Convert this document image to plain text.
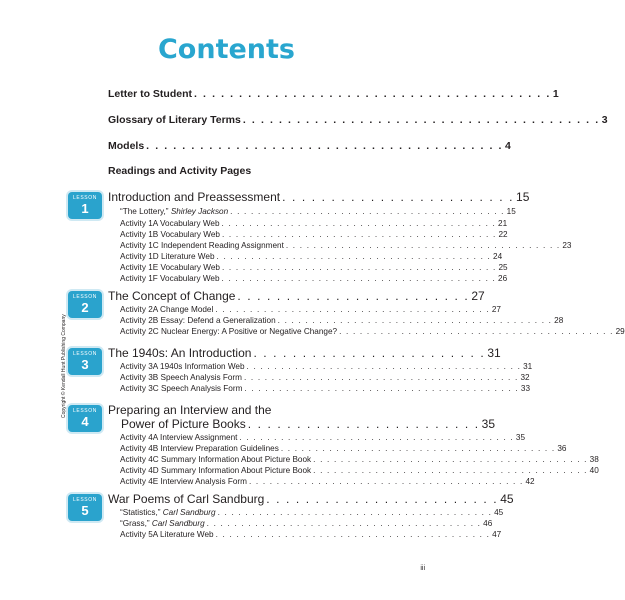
Contents
Letter to Student . . . . . . . . . . . . . . . . . . . . . . . . . . . . . . . . . . . . . . . . 1
Glossary of Literary Terms . . . . . . . . . . . . . . . . . . . . . . . . . . . . . . . . . . . . . . . . 3
Models . . . . . . . . . . . . . . . . . . . . . . . . . . . . . . . . . . . . . . . . 4
Readings and Activity Pages
LESSON
1
Introduction and Preassessment . . . . . . . . . . . . . . . . . . . . . . . . 15
“The Lottery,” Shirley Jackson . . . . . . . . . . . . . . . . . . . . . . . . . . . . . . . . . . . . . . . . 15
Activity 1A Vocabulary Web . . . . . . . . . . . . . . . . . . . . . . . . . . . . . . . . . . . . . . . . 21
Activity 1B Vocabulary Web . . . . . . . . . . . . . . . . . . . . . . . . . . . . . . . . . . . . . . . . 22
Activity 1C Independent Reading Assignment . . . . . . . . . . . . . . . . . . . . . . . . . . . . . . . . . . . . . . . . 23
Activity 1D Literature Web . . . . . . . . . . . . . . . . . . . . . . . . . . . . . . . . . . . . . . . . 24
Activity 1E Vocabulary Web . . . . . . . . . . . . . . . . . . . . . . . . . . . . . . . . . . . . . . . . 25
Activity 1F Vocabulary Web . . . . . . . . . . . . . . . . . . . . . . . . . . . . . . . . . . . . . . . . 26
LESSON
2
The Concept of Change . . . . . . . . . . . . . . . . . . . . . . . . 27
Activity 2A Change Model . . . . . . . . . . . . . . . . . . . . . . . . . . . . . . . . . . . . . . . . 27
Activity 2B Essay: Defend a Generalization . . . . . . . . . . . . . . . . . . . . . . . . . . . . . . . . . . . . . . . . 28
Activity 2C Nuclear Energy: A Positive or Negative Change? . . . . . . . . . . . . . . . . . . . . . . . . . . . . . . . . . . . . . . . . 29
LESSON
3
The 1940s: An Introduction . . . . . . . . . . . . . . . . . . . . . . . . 31
Activity 3A 1940s Information Web . . . . . . . . . . . . . . . . . . . . . . . . . . . . . . . . . . . . . . . . 31
Activity 3B Speech Analysis Form . . . . . . . . . . . . . . . . . . . . . . . . . . . . . . . . . . . . . . . . 32
Activity 3C Speech Analysis Form . . . . . . . . . . . . . . . . . . . . . . . . . . . . . . . . . . . . . . . . 33
LESSON
4
Preparing an Interview and the
Power of Picture Books . . . . . . . . . . . . . . . . . . . . . . . . 35
Activity 4A Interview Assignment . . . . . . . . . . . . . . . . . . . . . . . . . . . . . . . . . . . . . . . . 35
Activity 4B Interview Preparation Guidelines . . . . . . . . . . . . . . . . . . . . . . . . . . . . . . . . . . . . . . . . 36
Activity 4C Summary Information About Picture Book . . . . . . . . . . . . . . . . . . . . . . . . . . . . . . . . . . . . . . . . 38
Activity 4D Summary Information About Picture Book . . . . . . . . . . . . . . . . . . . . . . . . . . . . . . . . . . . . . . . . 40
Activity 4E Interview Analysis Form . . . . . . . . . . . . . . . . . . . . . . . . . . . . . . . . . . . . . . . . 42
LESSON
5
War Poems of Carl Sandburg . . . . . . . . . . . . . . . . . . . . . . . . 45
“Statistics,” Carl Sandburg . . . . . . . . . . . . . . . . . . . . . . . . . . . . . . . . . . . . . . . . 45
“Grass,” Carl Sandburg . . . . . . . . . . . . . . . . . . . . . . . . . . . . . . . . . . . . . . . . 46
Activity 5A Literature Web . . . . . . . . . . . . . . . . . . . . . . . . . . . . . . . . . . . . . . . . 47
Copyright © Kendall Hunt Publishing Company
iii
